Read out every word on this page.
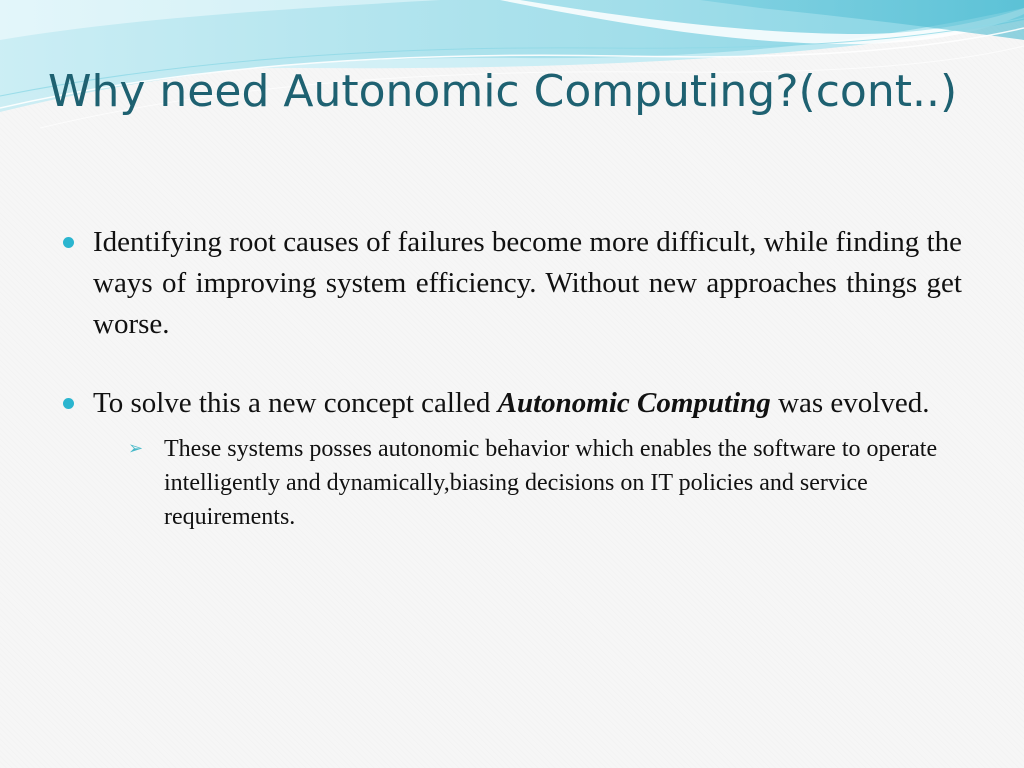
Why need Autonomic Computing?(cont..)
Identifying root causes of failures become more difficult, while finding the ways of improving system efficiency. Without new approaches things get worse.
To solve this a new concept called Autonomic Computing was evolved.
➢ These systems posses autonomic behavior which enables the software to operate intelligently and dynamically,biasing decisions on IT policies and service requirements.
